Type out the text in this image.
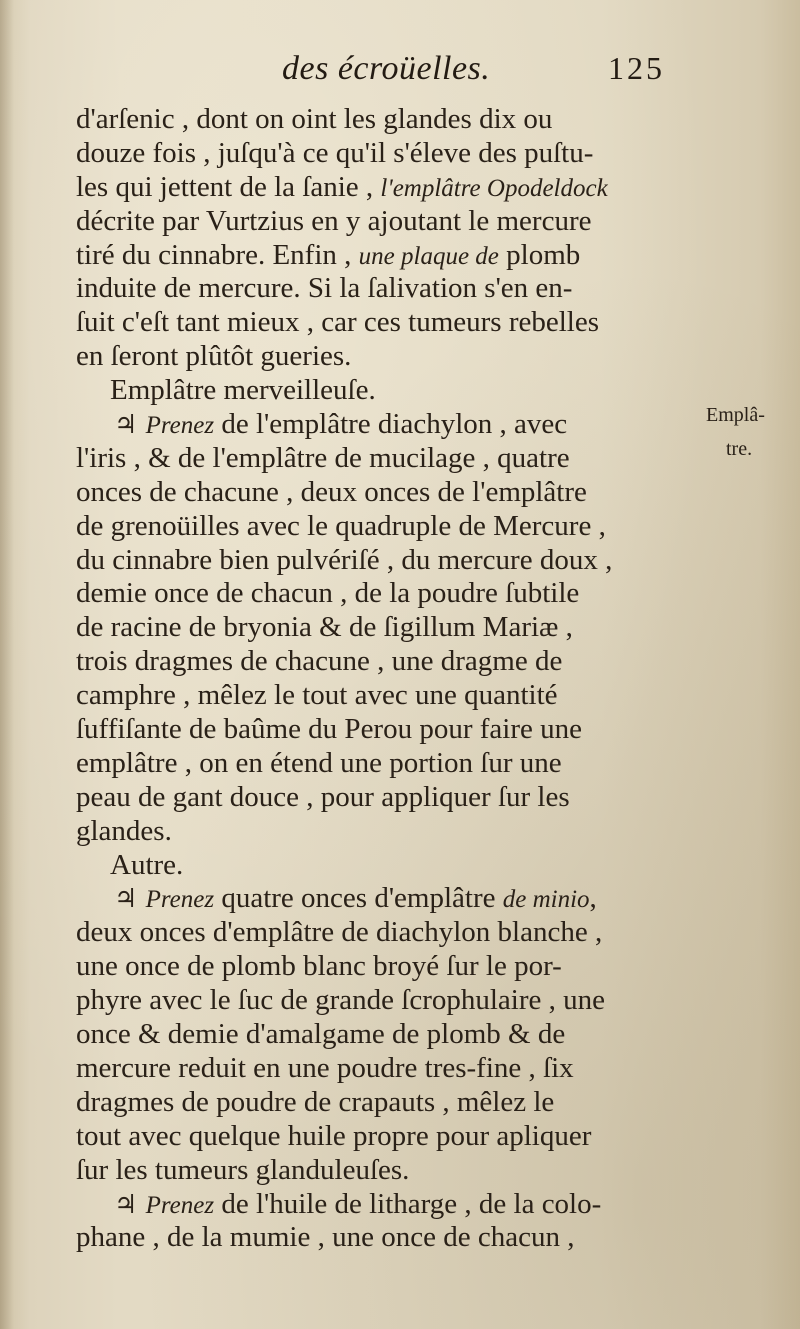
des écroüelles.	125
d'arſenic , dont on oint les glandes dix ou
douze fois , juſqu'à ce qu'il s'éleve des puſtu-
les qui jettent de la ſanie , l'emplâtre Opodeldock
décrite par Vurtzius en y ajoutant le mercure
tiré du cinnabre. Enfin , une plaque de plomb
induite de mercure. Si la ſalivation s'en en-
ſuit c'eſt tant mieux , car ces tumeurs rebelles
en ſeront plûtôt gueries.
Emplâtre merveilleuſe.
♃ Prenez de l'emplâtre diachylon , avec
l'iris , & de l'emplâtre de mucilage , quatre
onces de chacune , deux onces de l'emplâtre
de grenoüilles avec le quadruple de Mercure ,
du cinnabre bien pulvériſé , du mercure doux ,
demie once de chacun , de la poudre ſubtile
de racine de bryonia & de ſigillum Mariæ ,
trois dragmes de chacune , une dragme de
camphre , mêlez le tout avec une quantité
ſuffiſante de baûme du Perou pour faire une
emplâtre , on en étend une portion ſur une
peau de gant douce , pour appliquer ſur les
glandes.
Autre.
♃ Prenez quatre onces d'emplâtre de minio,
deux onces d'emplâtre de diachylon blanche ,
une once de plomb blanc broyé ſur le por-
phyre avec le ſuc de grande ſcrophulaire , une
once & demie d'amalgame de plomb & de
mercure reduit en une poudre tres-fine , ſix
dragmes de poudre de crapauts , mêlez le
tout avec quelque huile propre pour apliquer
ſur les tumeurs glanduleuſes.
♃ Prenez de l'huile de litharge , de la colo-
phane , de la mumie , une once de chacun ,
Emplâ-
tre.
